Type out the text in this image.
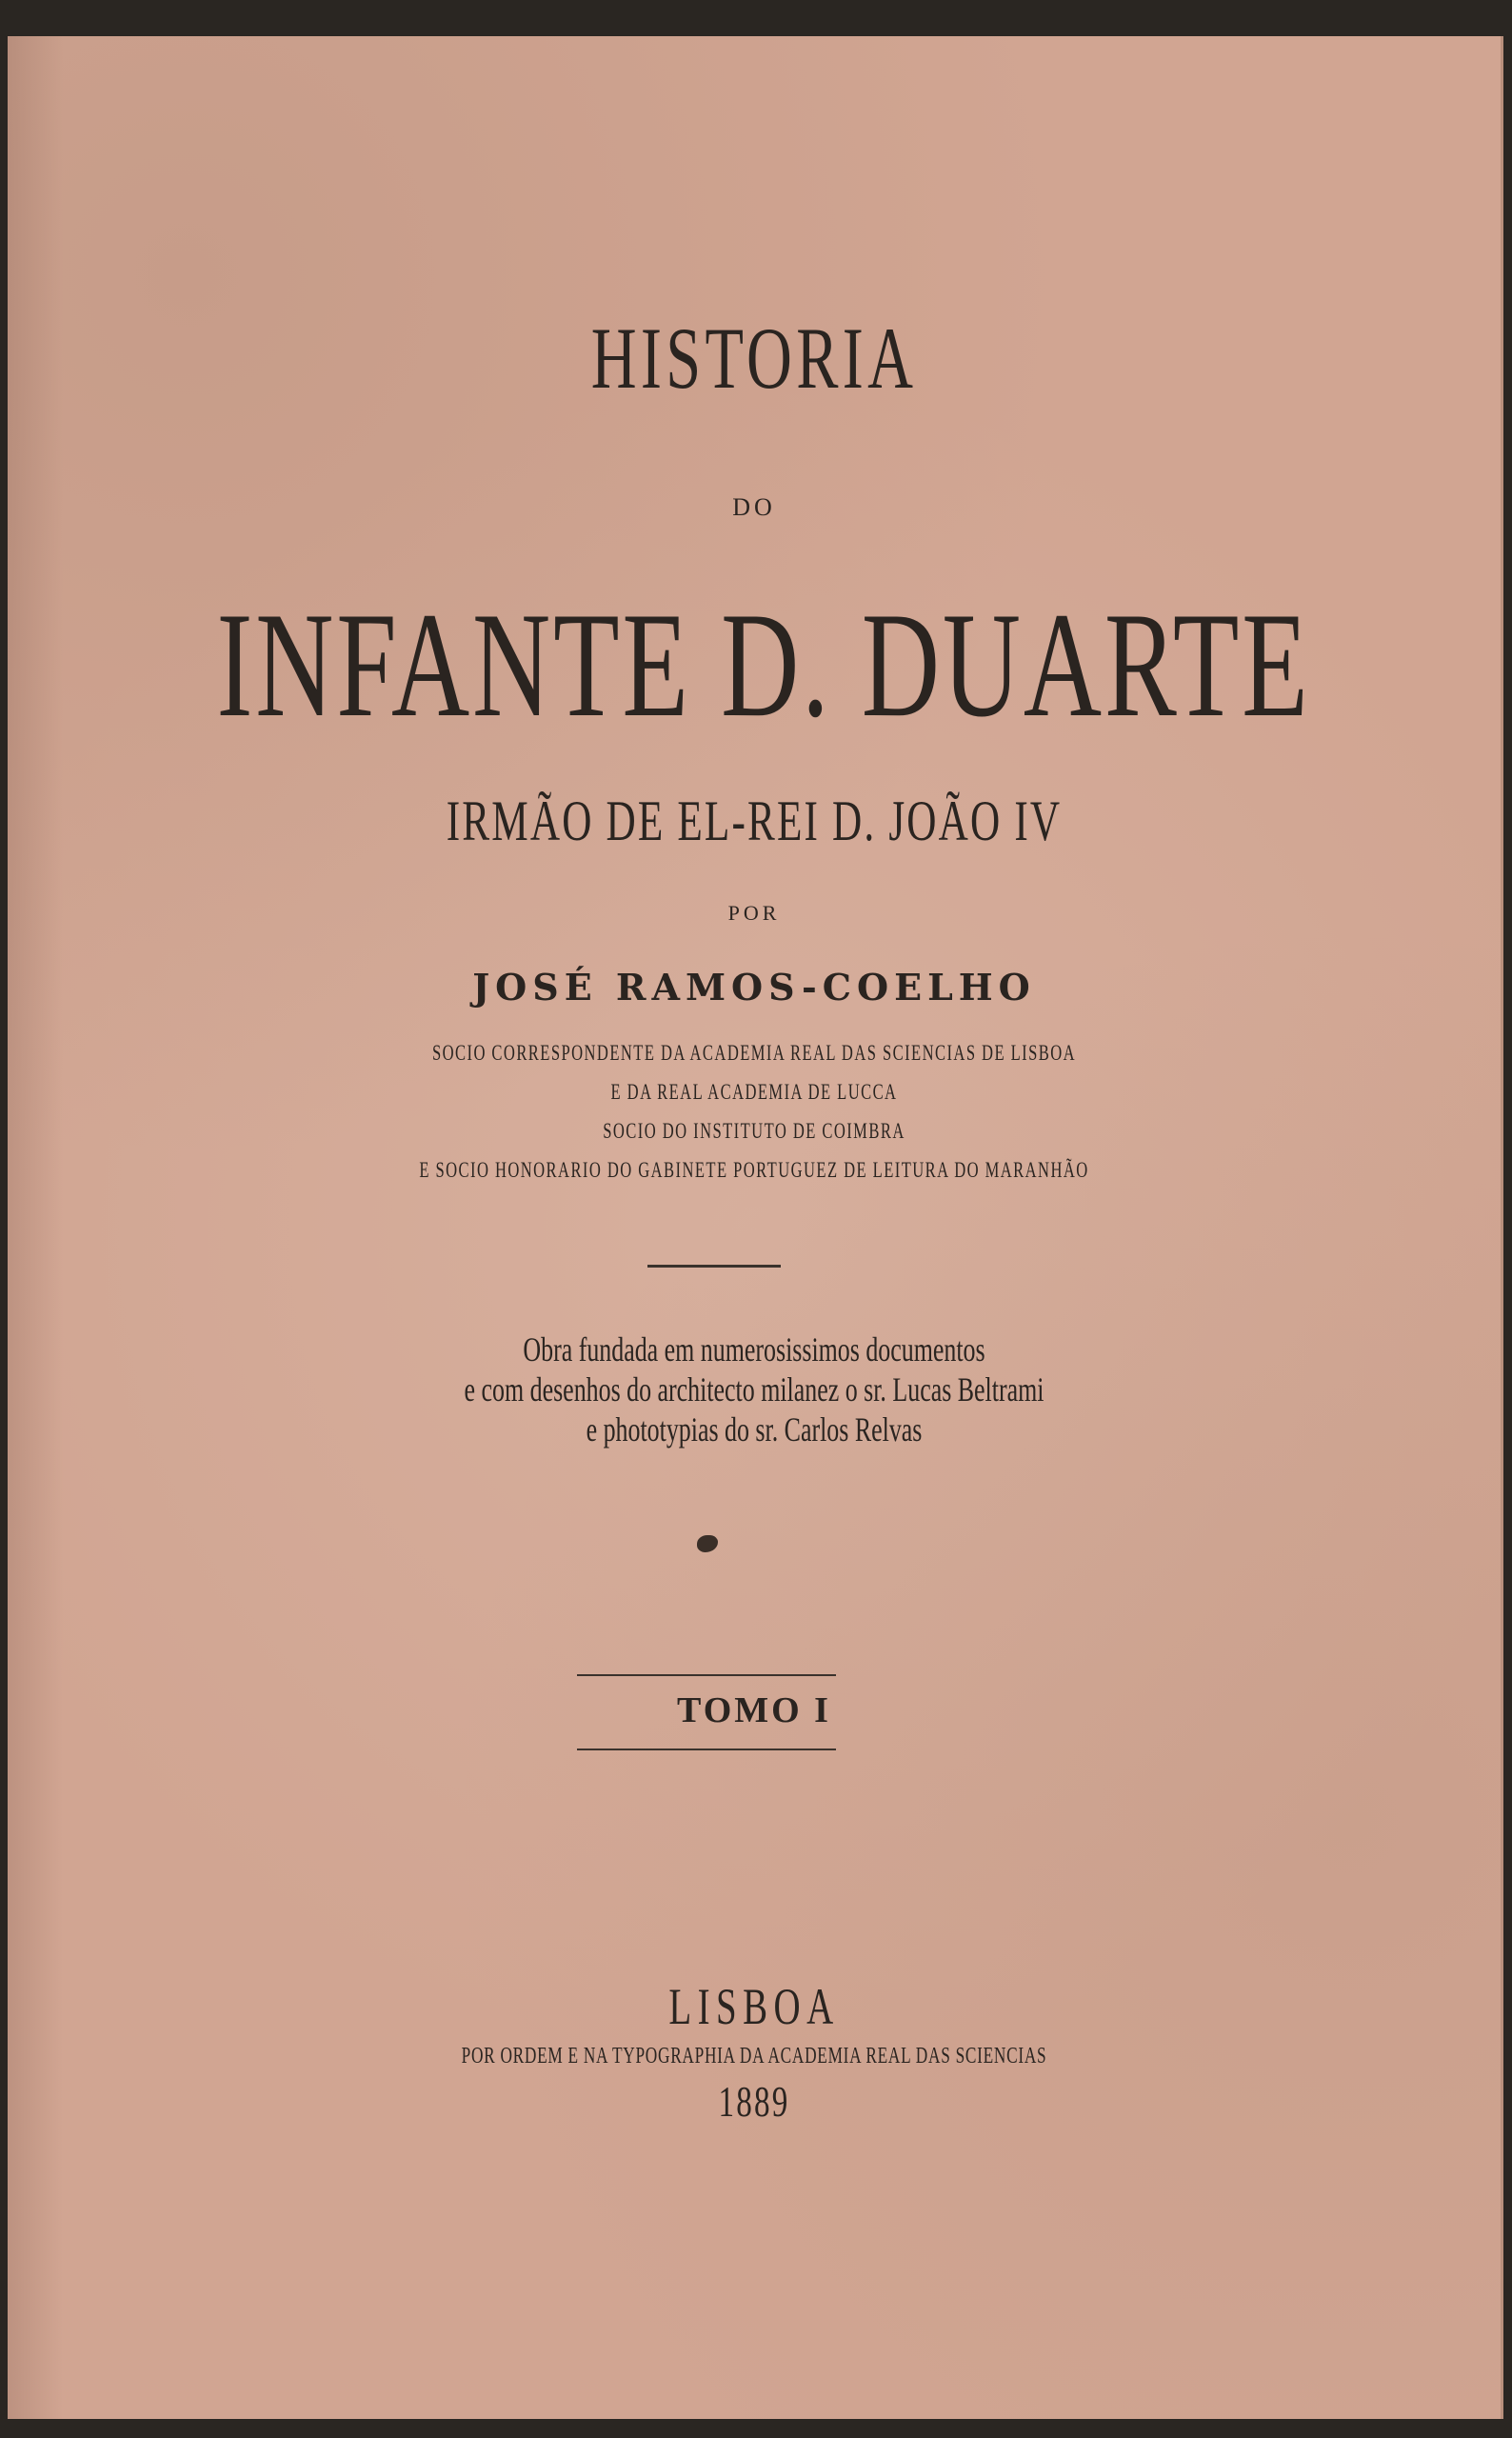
HISTORIA
DO
INFANTE D. DUARTE
IRMÃO DE EL-REI D. JOÃO IV
POR
JOSÉ RAMOS-COELHO
SOCIO CORRESPONDENTE DA ACADEMIA REAL DAS SCIENCIAS DE LISBOA
E DA REAL ACADEMIA DE LUCCA
SOCIO DO INSTITUTO DE COIMBRA
E SOCIO HONORARIO DO GABINETE PORTUGUEZ DE LEITURA DO MARANHÃO
Obra fundada em numerosissimos documentos
e com desenhos do architecto milanez o sr. Lucas Beltrami
e phototypias do sr. Carlos Relvas
TOMO I
LISBOA
POR ORDEM E NA TYPOGRAPHIA DA ACADEMIA REAL DAS SCIENCIAS
1889
